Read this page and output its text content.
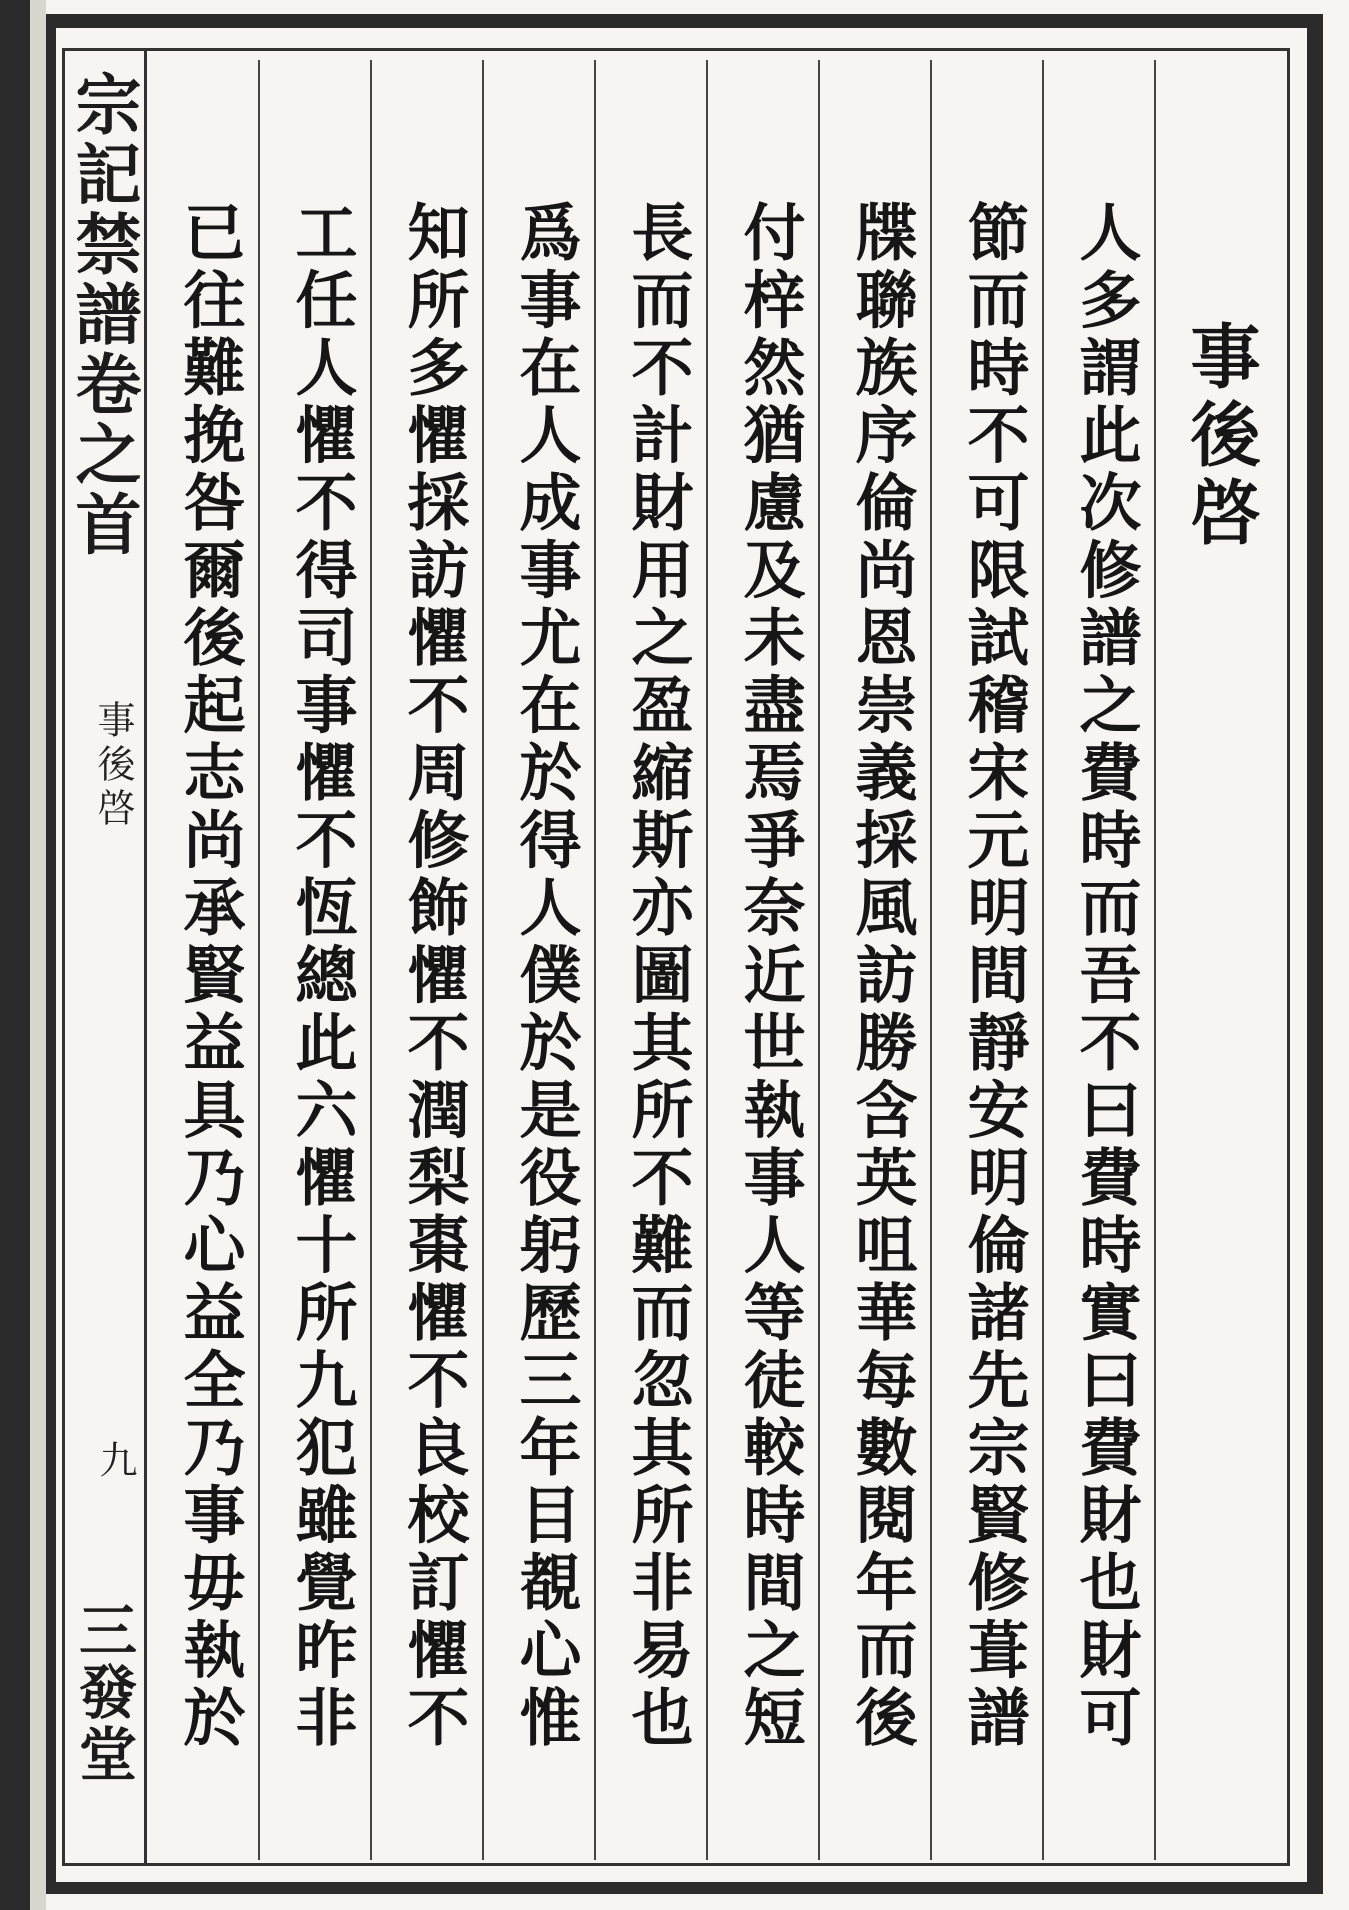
宗記禁譜卷之首
事後啓
九
三發堂
事後啓
人多謂此次修譜之費時而吾不曰費時實曰費財也財可
節而時不可限試稽宋元明間靜安明倫諸先宗賢修葺譜
牒聯族序倫尚恩崇義採風訪勝含英咀華每數閱年而後
付梓然猶慮及未盡焉爭奈近世執事人等徒較時間之短
長而不計財用之盈縮斯亦圖其所不難而忽其所非易也
爲事在人成事尤在於得人僕於是役躬歷三年目覩心惟
知所多懼採訪懼不周修飾懼不潤梨棗懼不良校訂懼不
工任人懼不得司事懼不恆總此六懼十所九犯雖覺昨非
已往難挽咎爾後起志尚承賢益具乃心益全乃事毋執於
